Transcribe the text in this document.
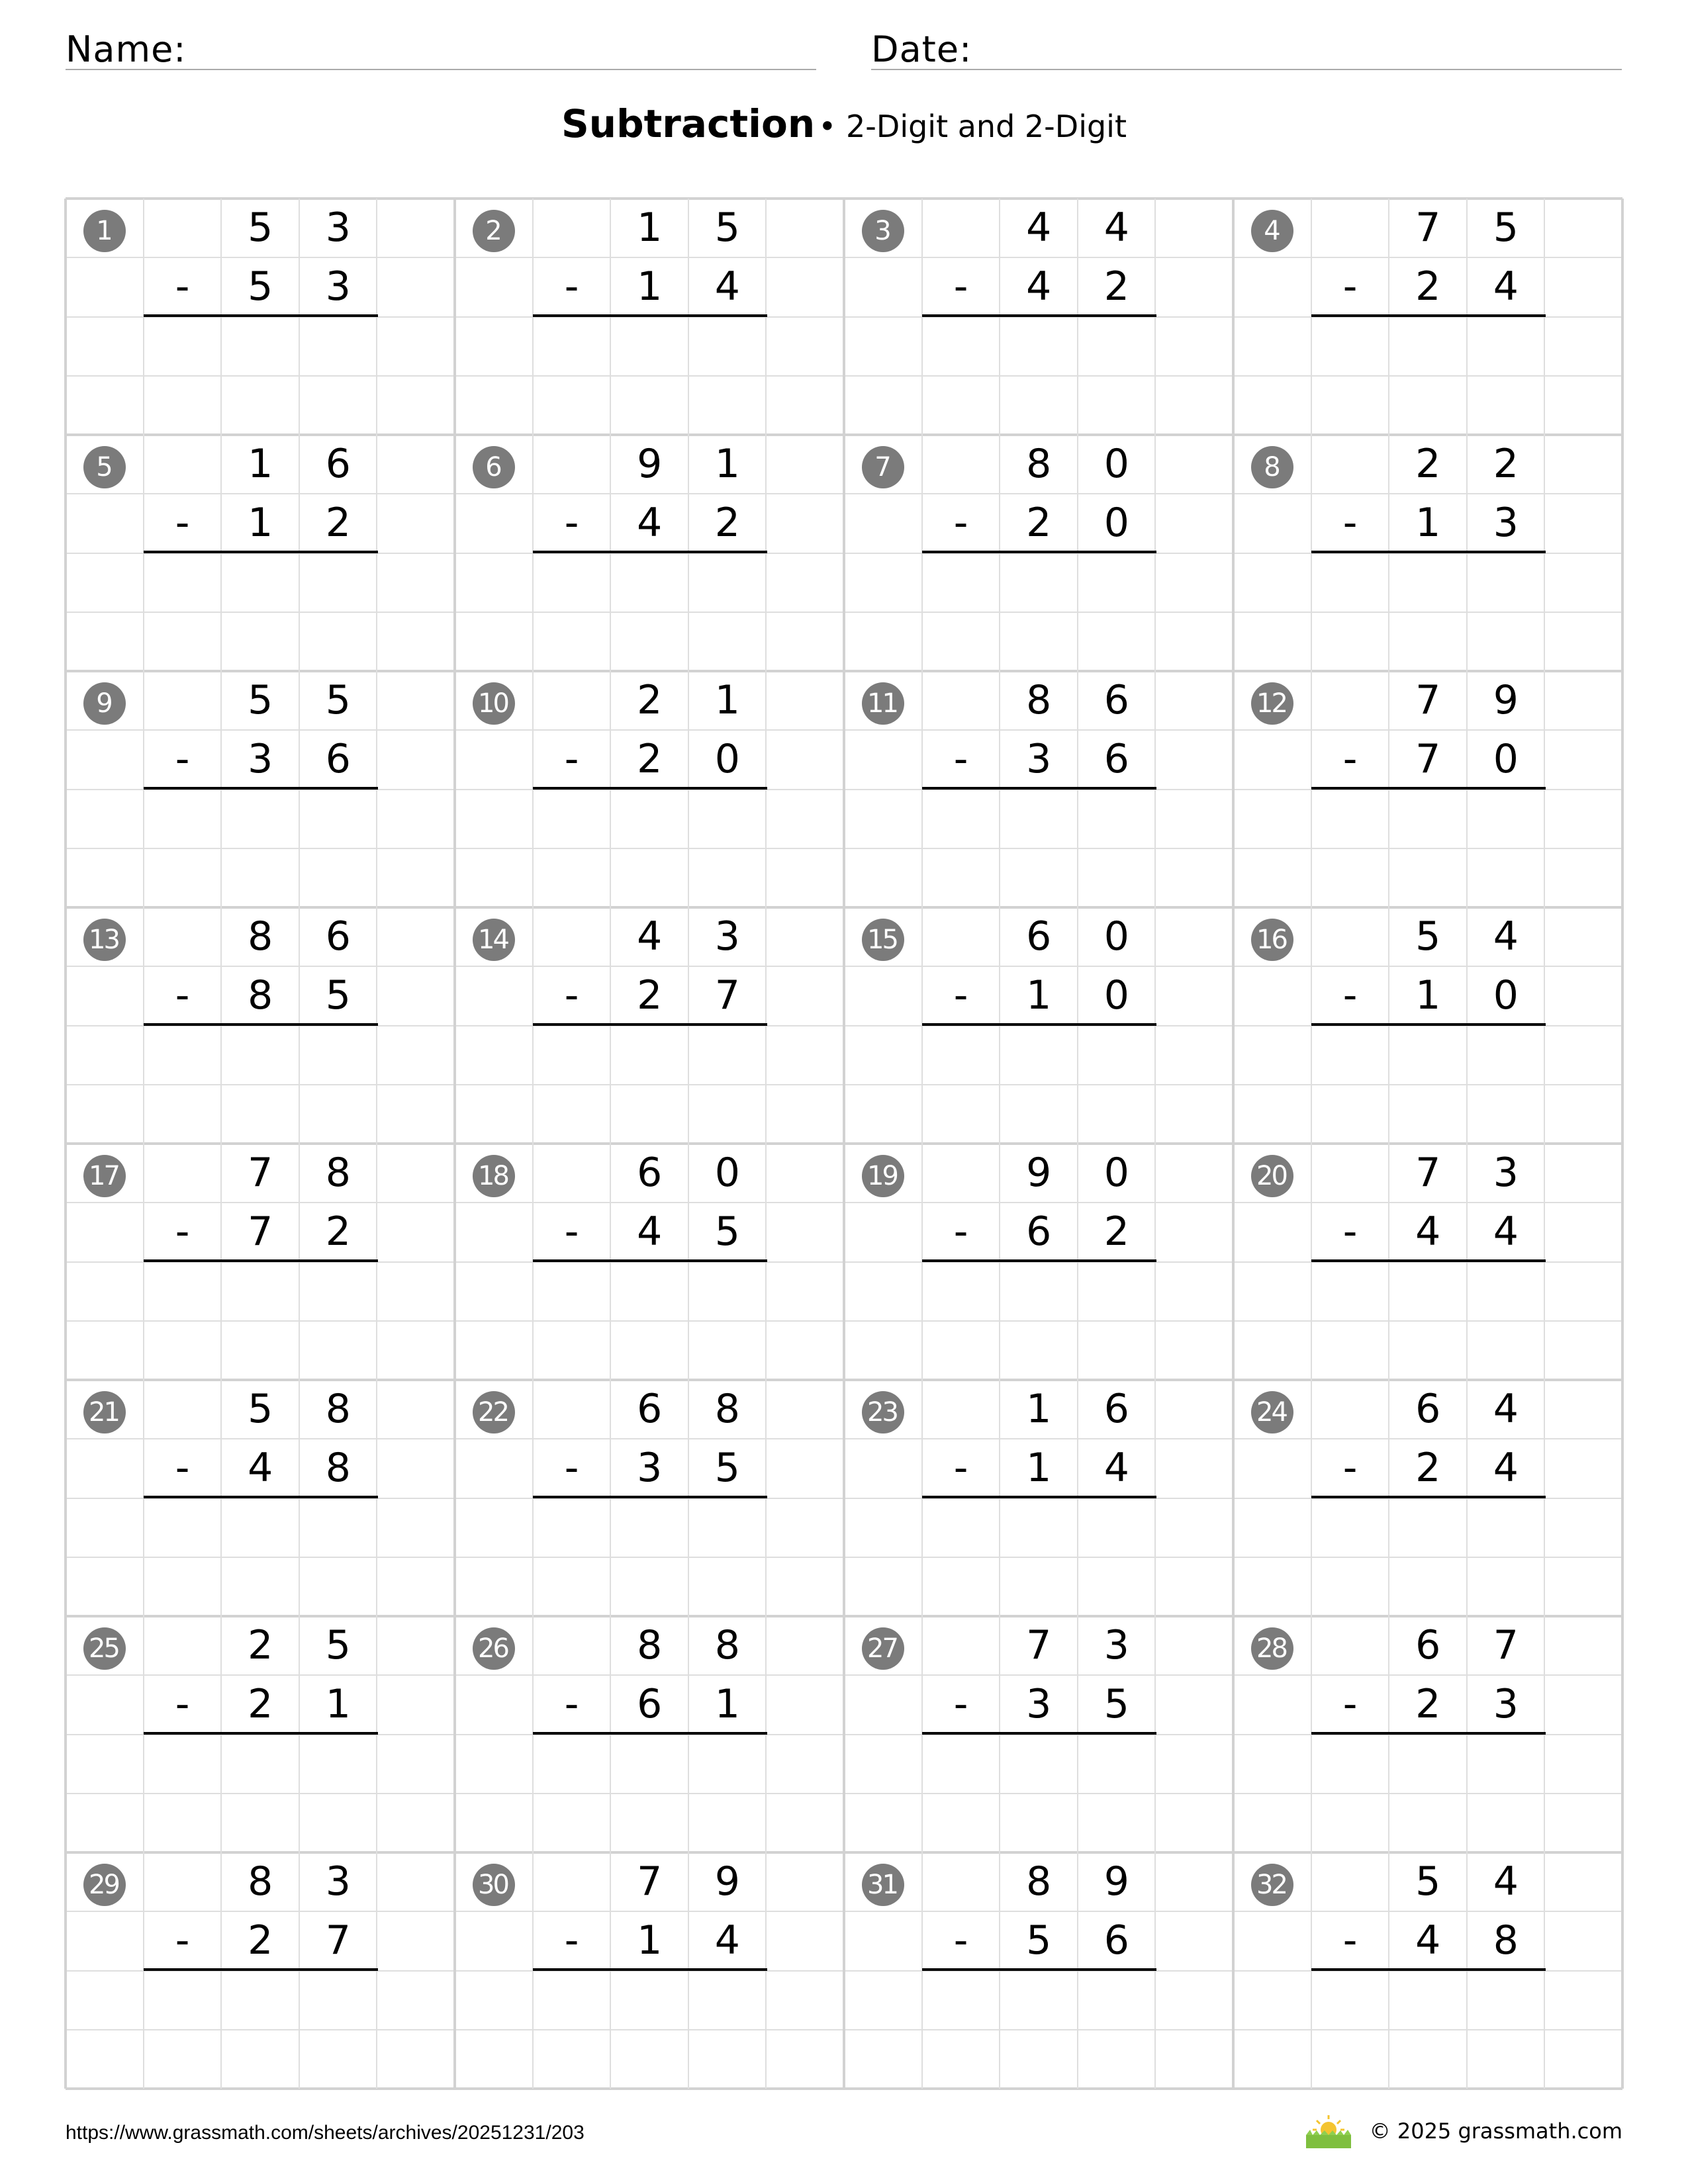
Name:	Date:
Subtraction • 2-Digit and 2-Digit
1	5	3
-	5	3
2	1	5
-	1	4
3	4	4
-	4	2
4	7	5
-	2	4
5	1	6
-	1	2
6	9	1
-	4	2
7	8	0
-	2	0
8	2	2
-	1	3
9	5	5
-	3	6
10	2	1
-	2	0
11	8	6
-	3	6
12	7	9
-	7	0
13	8	6
-	8	5
14	4	3
-	2	7
15	6	0
-	1	0
16	5	4
-	1	0
17	7	8
-	7	2
18	6	0
-	4	5
19	9	0
-	6	2
20	7	3
-	4	4
21	5	8
-	4	8
22	6	8
-	3	5
23	1	6
-	1	4
24	6	4
-	2	4
25	2	5
-	2	1
26	8	8
-	6	1
27	7	3
-	3	5
28	6	7
-	2	3
29	8	3
-	2	7
30	7	9
-	1	4
31	8	9
-	5	6
32	5	4
-	4	8
https://www.grassmath.com/sheets/archives/20251231/203	© 2025 grassmath.com
